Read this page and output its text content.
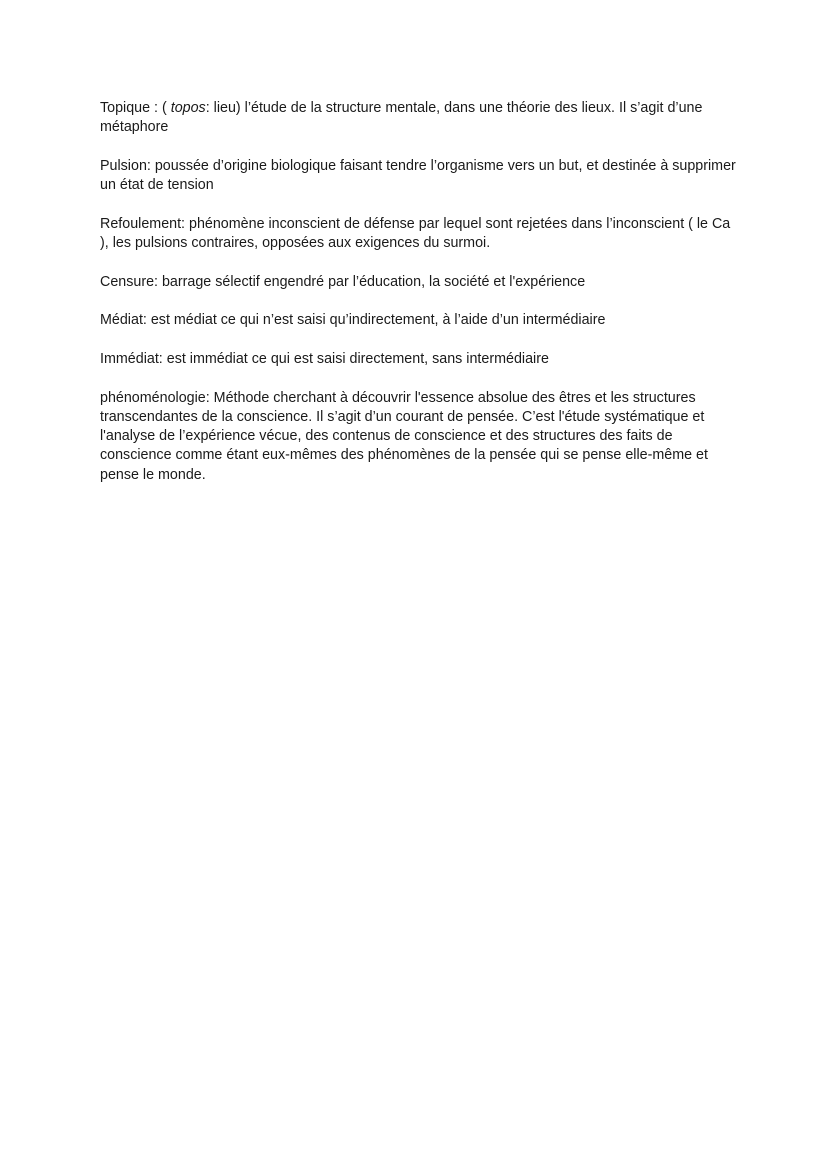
Topique : ( topos: lieu) l’étude de la structure mentale, dans une théorie des lieux. Il s’agit d’une métaphore

Pulsion: poussée d’origine biologique faisant tendre l’organisme vers un but, et destinée à supprimer un état de tension

Refoulement: phénomène inconscient de défense par lequel sont rejetées dans l’inconscient ( le Ca ), les pulsions contraires, opposées aux exigences du surmoi.

Censure: barrage sélectif engendré par l’éducation, la société et l'expérience

Médiat: est médiat ce qui n’est saisi qu’indirectement, à l’aide d’un intermédiaire

Immédiat: est immédiat ce qui est saisi directement, sans intermédiaire

phénoménologie: Méthode cherchant à découvrir l'essence absolue des êtres et les structures transcendantes de la conscience. Il s’agit d’un courant de pensée. C’est l'étude systématique et l'analyse de l’expérience vécue, des contenus de conscience et des structures des faits de conscience comme étant eux-mêmes des phénomènes de la pensée qui se pense elle-même et pense le monde.
